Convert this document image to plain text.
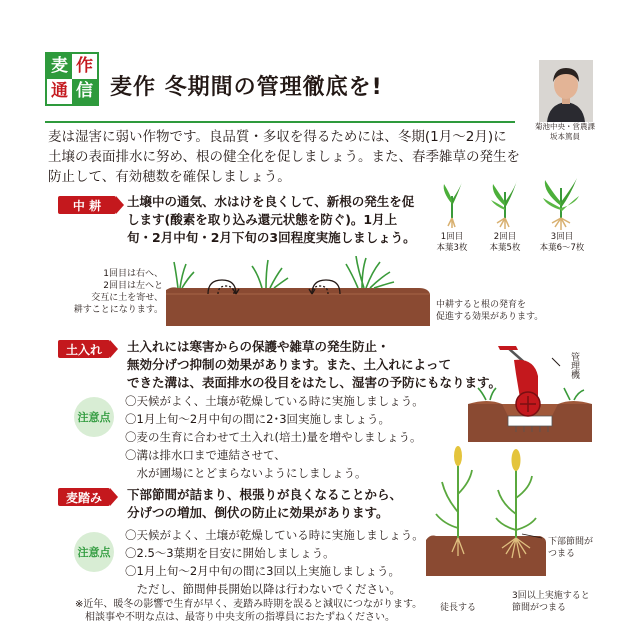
麦 作
通 信 麦作 冬期間の管理徹底を!
菊池中央・営農課
坂本篤員
麦は湿害に弱い作物です。良品質・多収を得るためには、冬期(1月～2月)に
土壌の表面排水に努め、根の健全化を促しましょう。また、春季雑草の発生を
防止して、有効穂数を確保しましょう。
中 耕	土壌中の通気、水はけを良くして、新根の発生を促
します(酸素を取り込み還元状態を防ぐ)。1月上
旬・2月中旬・2月下旬の3回程度実施しましょう。	1回目
本葉3枚
2回目
本葉5枚
3回目
本葉6～7枚
1回目は右へ、
2回目は左へと
交互に土を寄せ、
耕すことになります。	中耕すると根の発育を
促進する効果があります。
土入れ	土入れには寒害からの保護や雑草の発生防止・
無効分げつ抑制の効果があります。また、土入れによって
できた溝は、表面排水の役目をはたし、湿害の予防にもなります。
注意点
〇天候がよく、土壌が乾燥している時に実施しましょう。
〇1月上旬～2月中旬の間に2･3回実施しましょう。
〇麦の生育に合わせて土入れ(培土)量を増やしましょう。
〇溝は排水口まで連結させて、
　水が圃場にとどまらないようにしましょう。
管理機
麦踏み	下部節間が詰まり、根張りが良くなることから、
分げつの増加、倒伏の防止に効果があります。
注意点
〇天候がよく、土壌が乾燥している時に実施しましょう。
〇2.5～3葉期を目安に開始しましょう。
〇1月上旬～2月中旬の間に3回以上実施しましょう。
　ただし、節間伸長開始以降は行わないでください。
下部節間が
つまる
麦踏みを
実施しないと
徒長する
麦踏みを
3回以上実施すると
節間がつまる
※近年、暖冬の影響で生育が早く、麦踏み時期を誤ると減収につながります。
　相談事や不明な点は、最寄り中央支所の指導員におたずねください。
